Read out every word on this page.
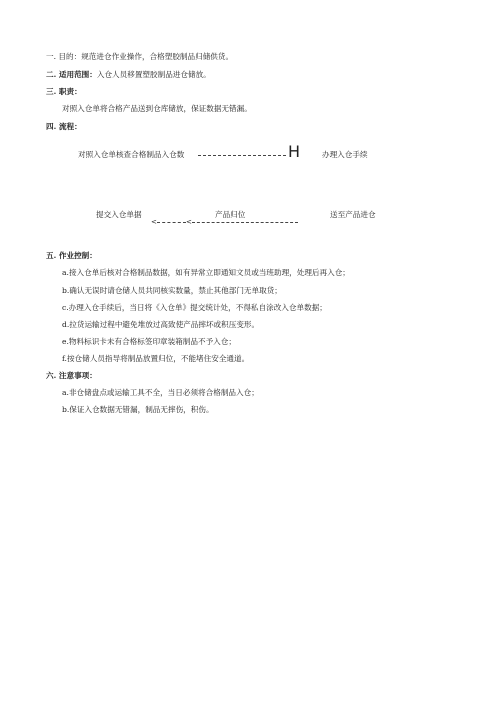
一. 目的：规范进仓作业操作，合格塑胶制品归储供货。
二. 适用范围：入仓人员移置塑胶制品进仓储放。
三. 职责：
对照入仓单将合格产品送到仓库储放，保证数据无错漏。
四. 流程：
对照入仓单核查合格制品入仓数	H	办理入仓手续
提交入仓单据	产品归位	送至产品进仓
<	<
五. 作业控制：
a.接入仓单后核对合格制品数据，如有异常立即通知文员或当班助理，处理后再入仓；
b.确认无误时请仓储人员共同核实数量，禁止其他部门无单取货；
c.办理入仓手续后，当日将《入仓单》提交统计处，不得私自涂改入仓单数据；
d.拉货运输过程中避免堆放过高致使产品摔坏或积压变形。
e.物料标识卡未有合格标签印章装箱制品不予入仓；
f.按仓储人员指导将制品放置归位，不能堵住安全通道。
六. 注意事项：
a.非仓储盘点或运输工具不全，当日必须将合格制品入仓；
b.保证入仓数据无错漏，制品无摔伤，积伤。
